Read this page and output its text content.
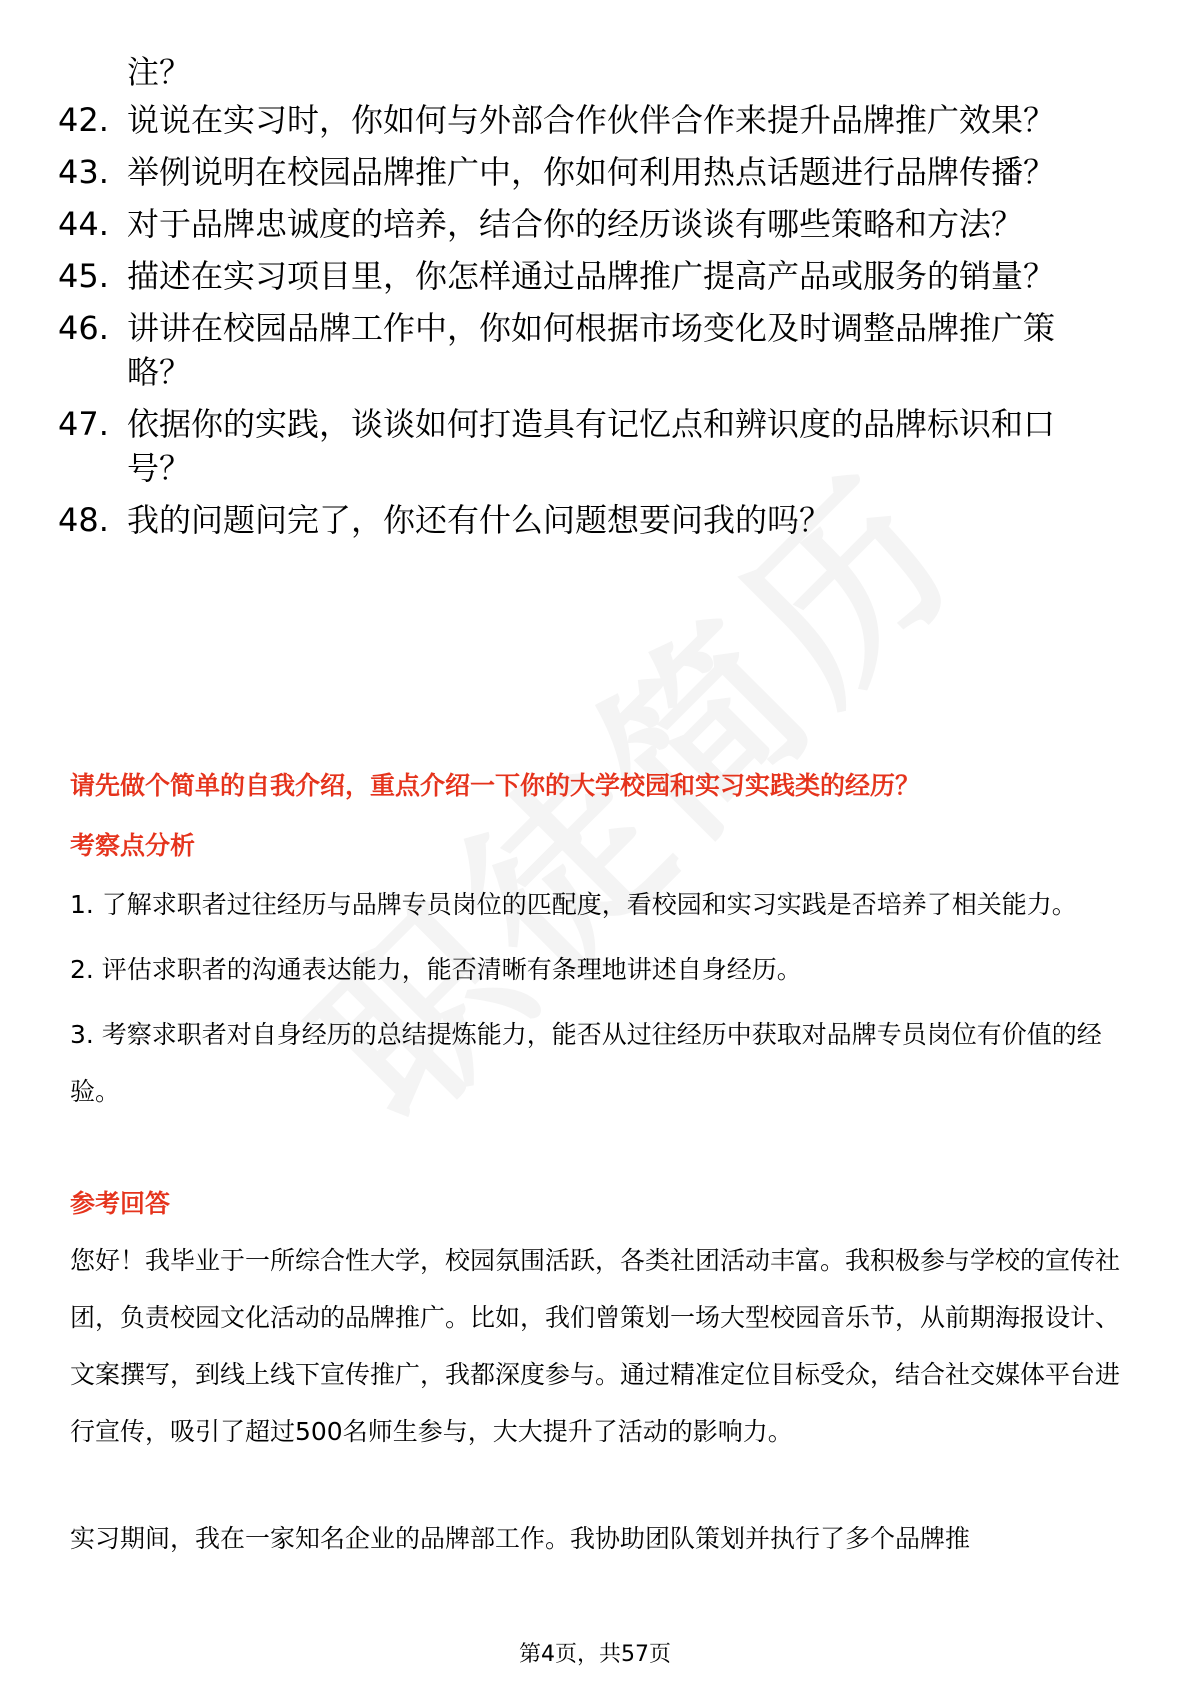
注？

42. 说说在实习时，你如何与外部合作伙伴合作来提升品牌推广效果？
43. 举例说明在校园品牌推广中，你如何利用热点话题进行品牌传播？
44. 对于品牌忠诚度的培养，结合你的经历谈谈有哪些策略和方法？
45. 描述在实习项目里，你怎样通过品牌推广提高产品或服务的销量？
46. 讲讲在校园品牌工作中，你如何根据市场变化及时调整品牌推广策略？
47. 依据你的实践，谈谈如何打造具有记忆点和辨识度的品牌标识和口号？
48. 我的问题问完了，你还有什么问题想要问我的吗？
请先做个简单的自我介绍，重点介绍一下你的大学校园和实习实践类的经历？
考察点分析

1. 了解求职者过往经历与品牌专员岗位的匹配度，看校园和实习实践是否培养了相关能力。

2. 评估求职者的沟通表达能力，能否清晰有条理地讲述自身经历。

3. 考察求职者对自身经历的总结提炼能力，能否从过往经历中获取对品牌专员岗位有价值的经验。

参考回答

您好！我毕业于一所综合性大学，校园氛围活跃，各类社团活动丰富。我积极参与学校的宣传社团，负责校园文化活动的品牌推广。比如，我们曾策划一场大型校园音乐节，从前期海报设计、文案撰写，到线上线下宣传推广，我都深度参与。通过精准定位目标受众，结合社交媒体平台进行宣传，吸引了超过500名师生参与，大大提升了活动的影响力。

实习期间，我在一家知名企业的品牌部工作。我协助团队策划并执行了多个品牌推

第4页，共57页
